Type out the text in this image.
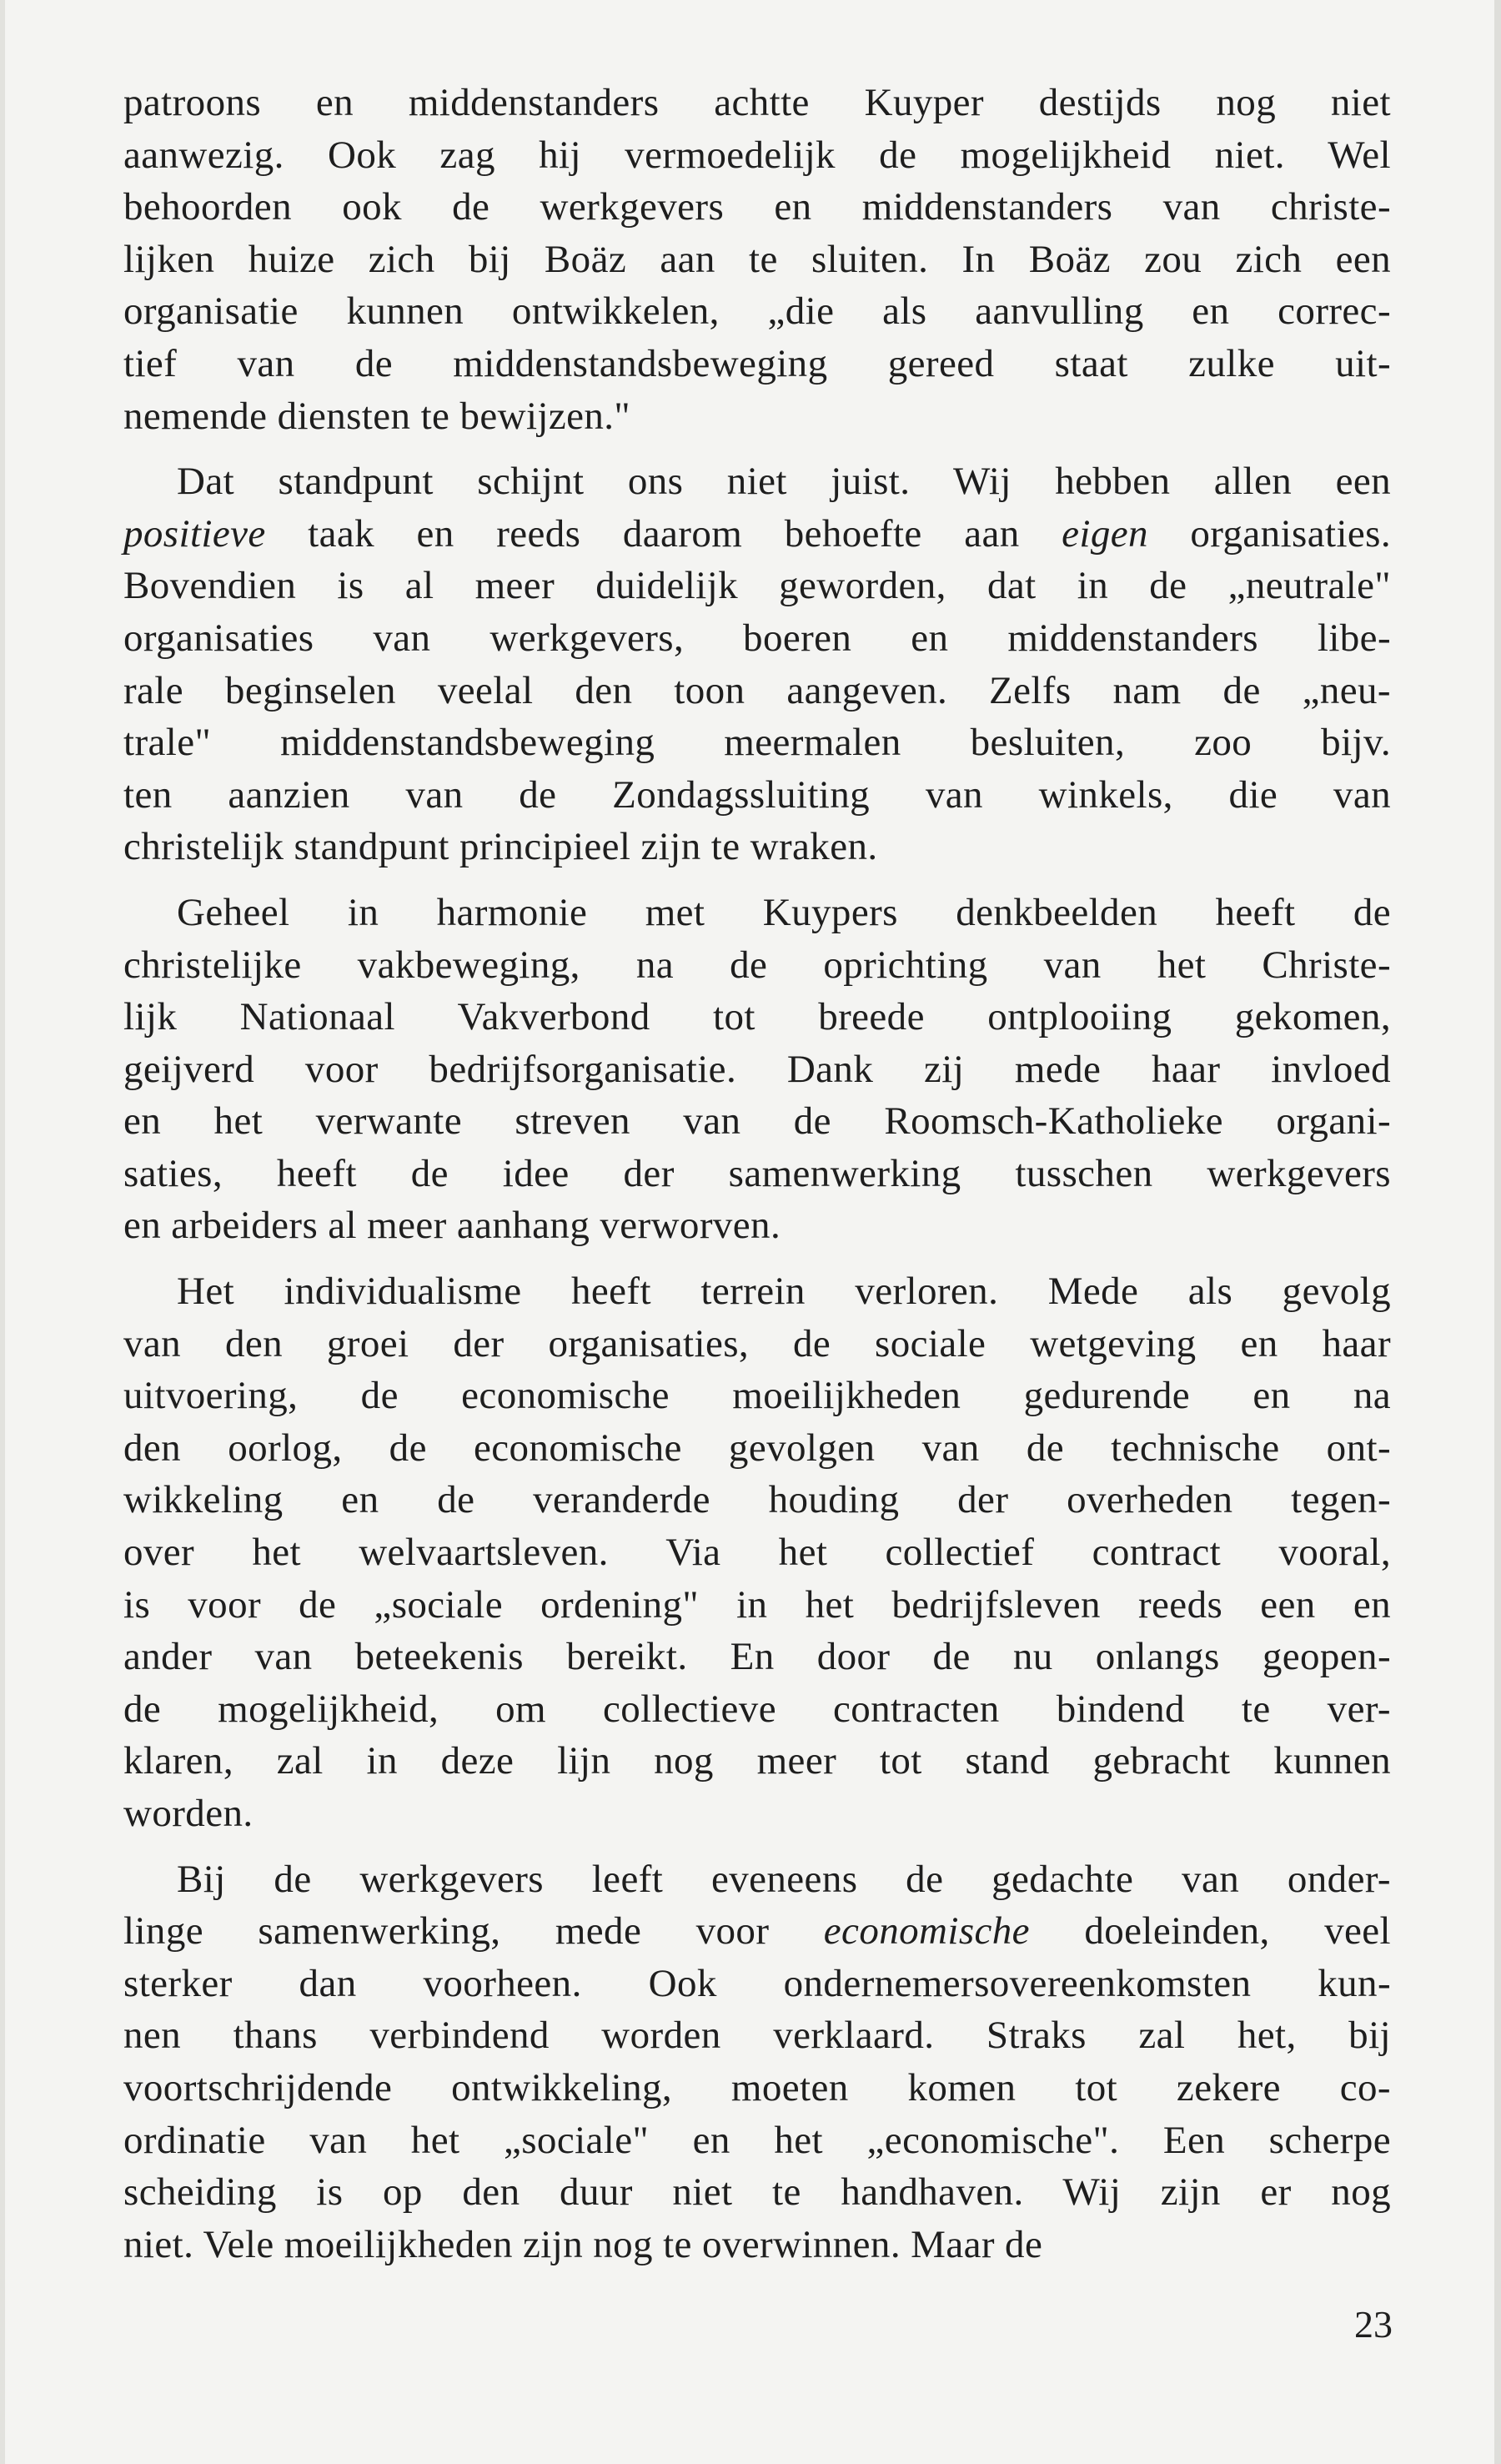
patroons en middenstanders achtte Kuyper destijds nog niet
aanwezig. Ook zag hij vermoedelijk de mogelijkheid niet. Wel
behoorden ook de werkgevers en middenstanders van christe-
lijken huize zich bij Boäz aan te sluiten. In Boäz zou zich een
organisatie kunnen ontwikkelen, „die als aanvulling en correc-
tief van de middenstandsbeweging gereed staat zulke uit-
nemende diensten te bewijzen."
Dat standpunt schijnt ons niet juist. Wij hebben allen een
positieve taak en reeds daarom behoefte aan eigen organisaties.
Bovendien is al meer duidelijk geworden, dat in de „neutrale"
organisaties van werkgevers, boeren en middenstanders libe-
rale beginselen veelal den toon aangeven. Zelfs nam de „neu-
trale" middenstandsbeweging meermalen besluiten, zoo bijv.
ten aanzien van de Zondagssluiting van winkels, die van
christelijk standpunt principieel zijn te wraken.
Geheel in harmonie met Kuypers denkbeelden heeft de
christelijke vakbeweging, na de oprichting van het Christe-
lijk Nationaal Vakverbond tot breede ontplooiing gekomen,
geijverd voor bedrijfsorganisatie. Dank zij mede haar invloed
en het verwante streven van de Roomsch-Katholieke organi-
saties, heeft de idee der samenwerking tusschen werkgevers
en arbeiders al meer aanhang verworven.
Het individualisme heeft terrein verloren. Mede als gevolg
van den groei der organisaties, de sociale wetgeving en haar
uitvoering, de economische moeilijkheden gedurende en na
den oorlog, de economische gevolgen van de technische ont-
wikkeling en de veranderde houding der overheden tegen-
over het welvaartsleven. Via het collectief contract vooral,
is voor de „sociale ordening" in het bedrijfsleven reeds een en
ander van beteekenis bereikt. En door de nu onlangs geopen-
de mogelijkheid, om collectieve contracten bindend te ver-
klaren, zal in deze lijn nog meer tot stand gebracht kunnen
worden.
Bij de werkgevers leeft eveneens de gedachte van onder-
linge samenwerking, mede voor economische doeleinden, veel
sterker dan voorheen. Ook ondernemersovereenkomsten kun-
nen thans verbindend worden verklaard. Straks zal het, bij
voortschrijdende ontwikkeling, moeten komen tot zekere co-
ordinatie van het „sociale" en het „economische". Een scherpe
scheiding is op den duur niet te handhaven. Wij zijn er nog
niet. Vele moeilijkheden zijn nog te overwinnen. Maar de
23
